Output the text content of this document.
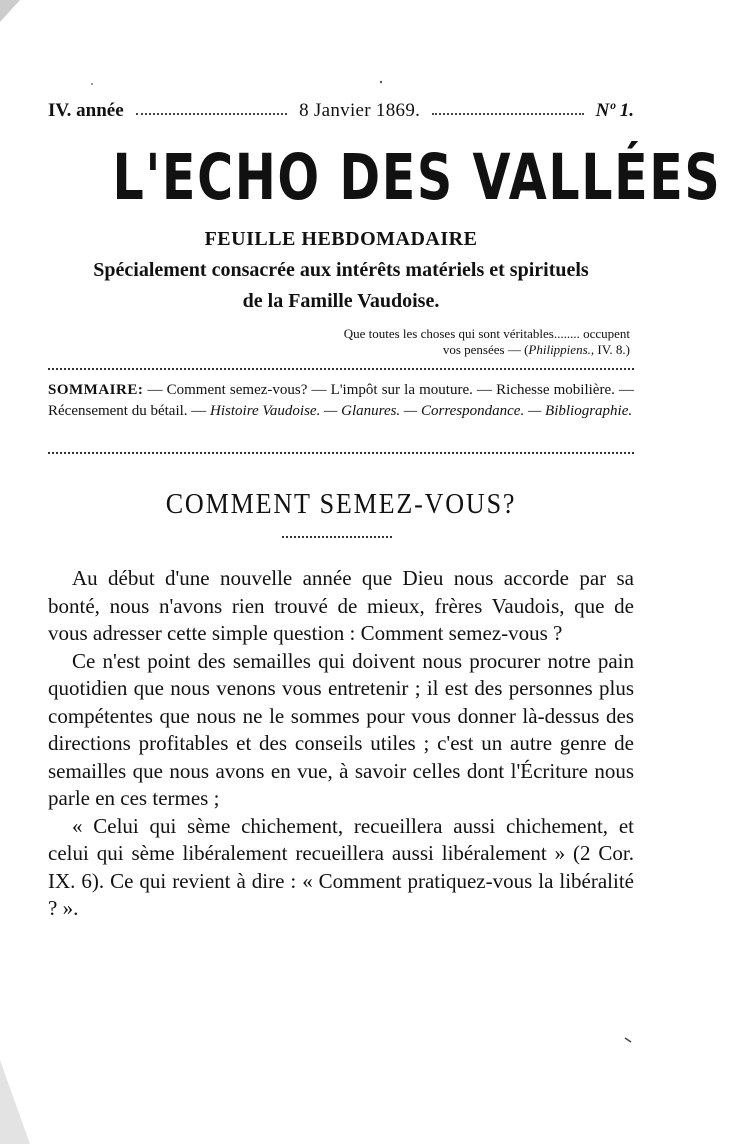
IV. année	8 Janvier 1869.	Nº 1.
L'ECHO DES VALLÉES
FEUILLE HEBDOMADAIRE
Spécialement consacrée aux intérêts matériels et spirituels
de la Famille Vaudoise.
Que toutes les choses qui sont véritables........ occupent
vos pensées — (Philippiens., IV. 8.)
SOMMAIRE: — Comment semez-vous? — L'impôt sur la mouture. — Richesse mobilière. — Récensement du bétail. — Histoire Vaudoise. — Glanures. — Correspondance. — Bibliographie.
COMMENT SEMEZ-VOUS?

Au début d'une nouvelle année que Dieu nous accorde par sa bonté, nous n'avons rien trouvé de mieux, frères Vaudois, que de vous adresser cette simple question : Comment semez-vous ?

Ce n'est point des semailles qui doivent nous procurer notre pain quotidien que nous venons vous entretenir ; il est des personnes plus compétentes que nous ne le sommes pour vous donner là-dessus des directions profitables et des conseils utiles ; c'est un autre genre de semailles que nous avons en vue, à savoir celles dont l'Écriture nous parle en ces termes ;

« Celui qui sème chichement, recueillera aussi chichement, et celui qui sème libéralement recueillera aussi libéralement » (2 Cor. IX. 6). Ce qui revient à dire : « Comment pratiquez-vous la libéralité ? ».
